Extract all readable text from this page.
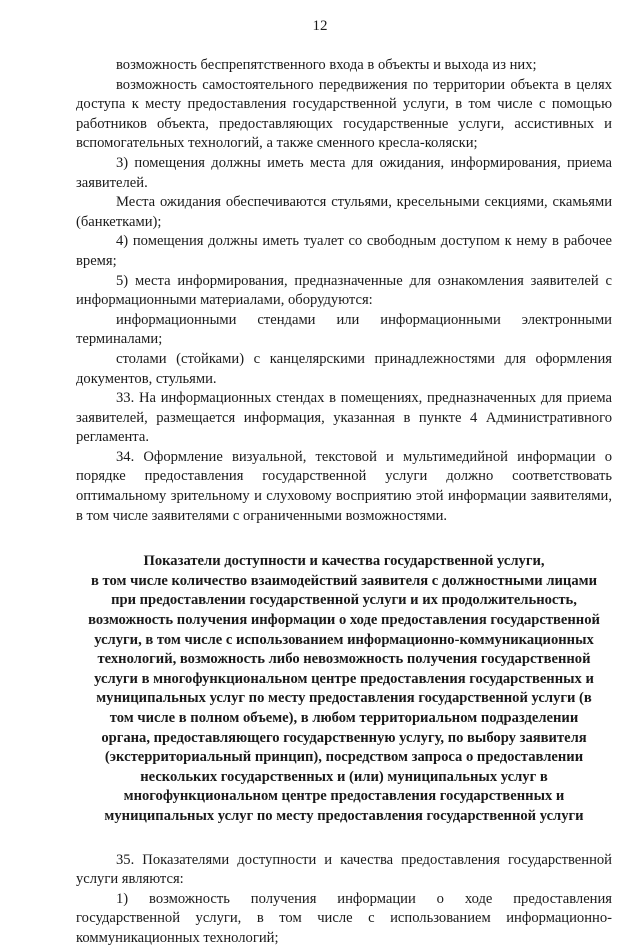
12

возможность беспрепятственного входа в объекты и выхода из них;

возможность самостоятельного передвижения по территории объекта в целях доступа к месту предоставления государственной услуги, в том числе с помощью работников объекта, предоставляющих государственные услуги, ассистивных и вспомогательных технологий, а также сменного кресла-коляски;

3) помещения должны иметь места для ожидания, информирования, приема заявителей.

Места ожидания обеспечиваются стульями, кресельными секциями, скамьями (банкетками);

4) помещения должны иметь туалет со свободным доступом к нему в рабочее время;

5) места информирования, предназначенные для ознакомления заявителей с информационными материалами, оборудуются:

информационными стендами или информационными электронными терминалами;

столами (стойками) с канцелярскими принадлежностями для оформления документов, стульями.

33. На информационных стендах в помещениях, предназначенных для приема заявителей, размещается информация, указанная в пункте 4 Административного регламента.

34. Оформление визуальной, текстовой и мультимедийной информации о порядке предоставления государственной услуги должно соответствовать оптимальному зрительному и слуховому восприятию этой информации заявителями, в том числе заявителями с ограниченными возможностями.

Показатели доступности и качества государственной услуги,
в том числе количество взаимодействий заявителя с должностными лицами
при предоставлении государственной услуги и их продолжительность,
возможность получения информации о ходе предоставления государственной
услуги, в том числе с использованием информационно-коммуникационных
технологий, возможность либо невозможность получения государственной
услуги в многофункциональном центре предоставления государственных и
муниципальных услуг по месту предоставления государственной услуги (в
том числе в полном объеме), в любом территориальном подразделении
органа, предоставляющего государственную услугу, по выбору заявителя
(экстерриториальный принцип), посредством запроса о предоставлении
нескольких государственных и (или) муниципальных услуг в
многофункциональном центре предоставления государственных и
муниципальных услуг по месту предоставления государственной услуги

35. Показателями доступности и качества предоставления государственной услуги являются:

1) возможность получения информации о ходе предоставления государственной услуги, в том числе с использованием информационно-коммуникационных технологий;
